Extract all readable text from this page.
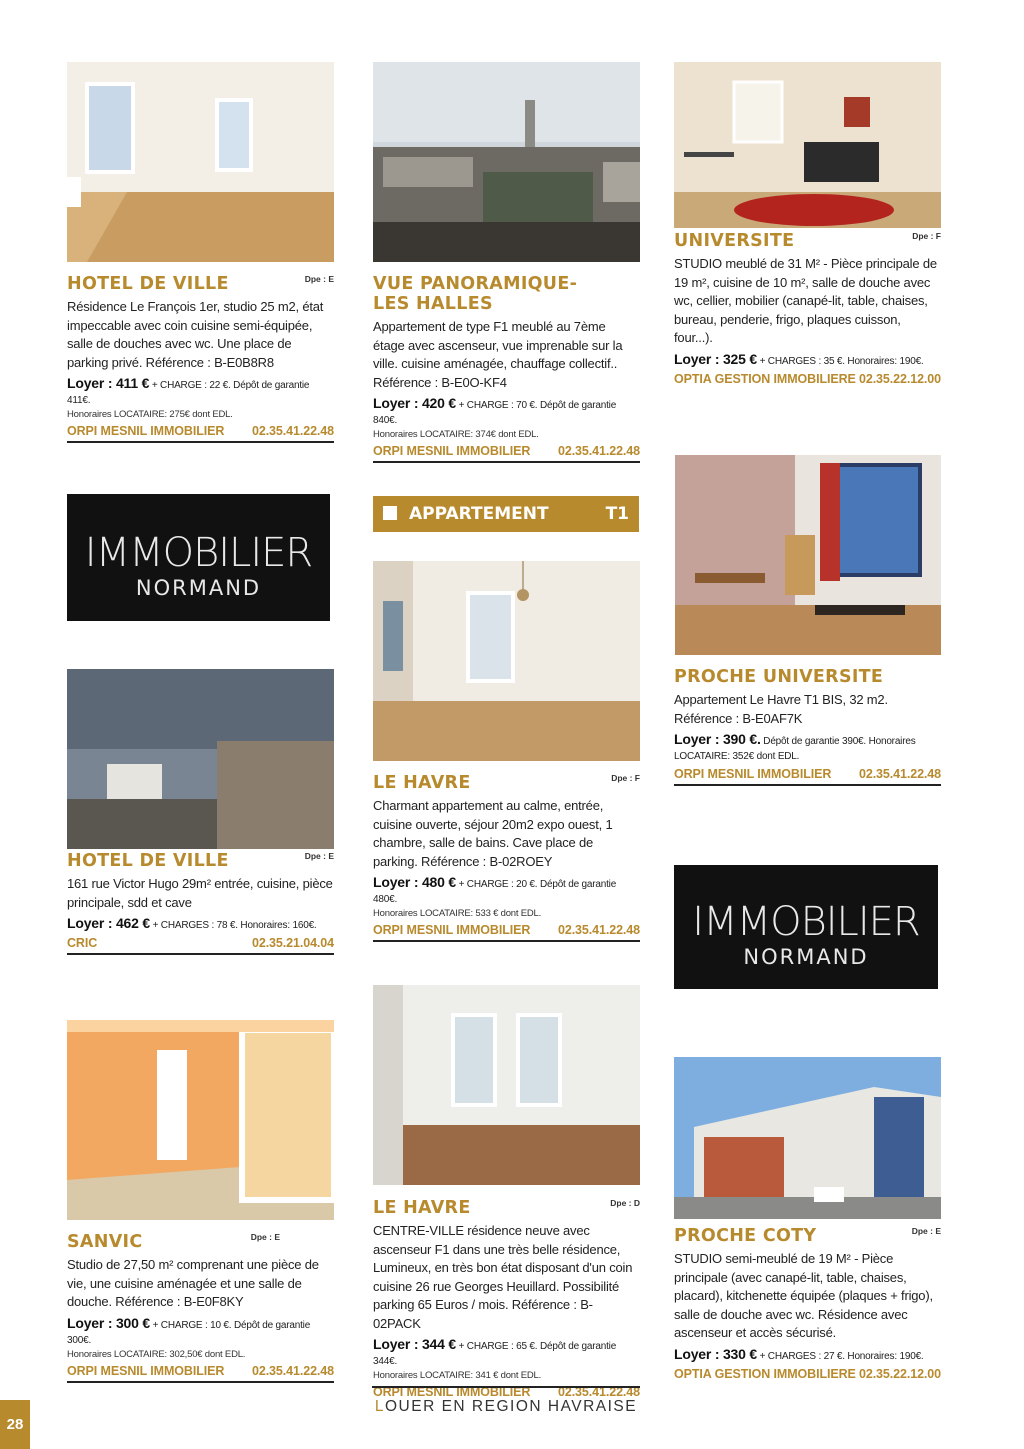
IMMOBILIER
NORMAND
IMMOBILIER
NORMAND
APPARTEMENT	T1
HOTEL DE VILLE	Dpe : E
Résidence Le François 1er, studio 25 m2, état impeccable avec coin cuisine semi-équipée, salle de douches avec wc. Une place de parking privé. Référence : B-E0B8R8
Loyer : 411 € + CHARGE : 22 €. Dépôt de garantie 411€.
Honoraires LOCATAIRE: 275€ dont EDL.
ORPI MESNIL IMMOBILIER 02.35.41.22.48
VUE PANORAMIQUE-LES HALLES
Appartement de type F1 meublé au 7ème étage avec ascenseur, vue imprenable sur la ville. cuisine aménagée, chauffage collectif.. Référence : B-E0O-KF4
Loyer : 420 € + CHARGE : 70 €. Dépôt de garantie 840€.
Honoraires LOCATAIRE: 374€ dont EDL.
ORPI MESNIL IMMOBILIER 02.35.41.22.48
UNIVERSITE	Dpe : F
STUDIO meublé de 31 M² - Pièce principale de 19 m², cuisine de 10 m², salle de douche avec wc, cellier, mobilier (canapé-lit, table, chaises, bureau, penderie, frigo, plaques cuisson, four...).
Loyer : 325 € + CHARGES : 35 €. Honoraires: 190€.
OPTIA GESTION IMMOBILIERE 02.35.22.12.00
HOTEL DE VILLE	Dpe : E
161 rue Victor Hugo 29m² entrée, cuisine, pièce principale, sdd et cave
Loyer : 462 € + CHARGES : 78 €. Honoraires: 160€.
CRIC	02.35.21.04.04
LE HAVRE	Dpe : F
Charmant appartement au calme, entrée, cuisine ouverte, séjour 20m2 expo ouest, 1 chambre, salle de bains. Cave place de parking. Référence : B-02ROEY
Loyer : 480 € + CHARGE : 20 €. Dépôt de garantie 480€.
Honoraires LOCATAIRE: 533 € dont EDL.
ORPI MESNIL IMMOBILIER 02.35.41.22.48
PROCHE UNIVERSITE
Appartement Le Havre T1 BIS, 32 m2. Référence : B-E0AF7K
Loyer : 390 €. Dépôt de garantie 390€. Honoraires LOCATAIRE: 352€ dont EDL.
ORPI MESNIL IMMOBILIER 02.35.41.22.48
SANVIC	Dpe : E
Studio de 27,50 m² comprenant une pièce de vie, une cuisine aménagée et une salle de douche. Référence : B-E0F8KY
Loyer : 300 € + CHARGE : 10 €. Dépôt de garantie 300€.
Honoraires LOCATAIRE: 302,50€ dont EDL.
ORPI MESNIL IMMOBILIER 02.35.41.22.48
LE HAVRE	Dpe : D
CENTRE-VILLE résidence neuve avec ascenseur F1 dans une très belle résidence, Lumineux, en très bon état disposant d'un coin cuisine 26 rue Georges Heuillard. Possibilité parking 65 Euros / mois. Référence : B-02PACK
Loyer : 344 € + CHARGE : 65 €. Dépôt de garantie 344€.
Honoraires LOCATAIRE: 341 € dont EDL.
ORPI MESNIL IMMOBILIER 02.35.41.22.48
PROCHE COTY	Dpe : E
STUDIO semi-meublé de 19 M² - Pièce principale (avec canapé-lit, table, chaises, placard), kitchenette équipée (plaques + frigo), salle de douche avec wc. Résidence avec ascenseur et accès sécurisé.
Loyer : 330 € + CHARGES : 27 €. Honoraires: 190€.
OPTIA GESTION IMMOBILIERE 02.35.22.12.00
28
LOUER EN REGION HAVRAISE
